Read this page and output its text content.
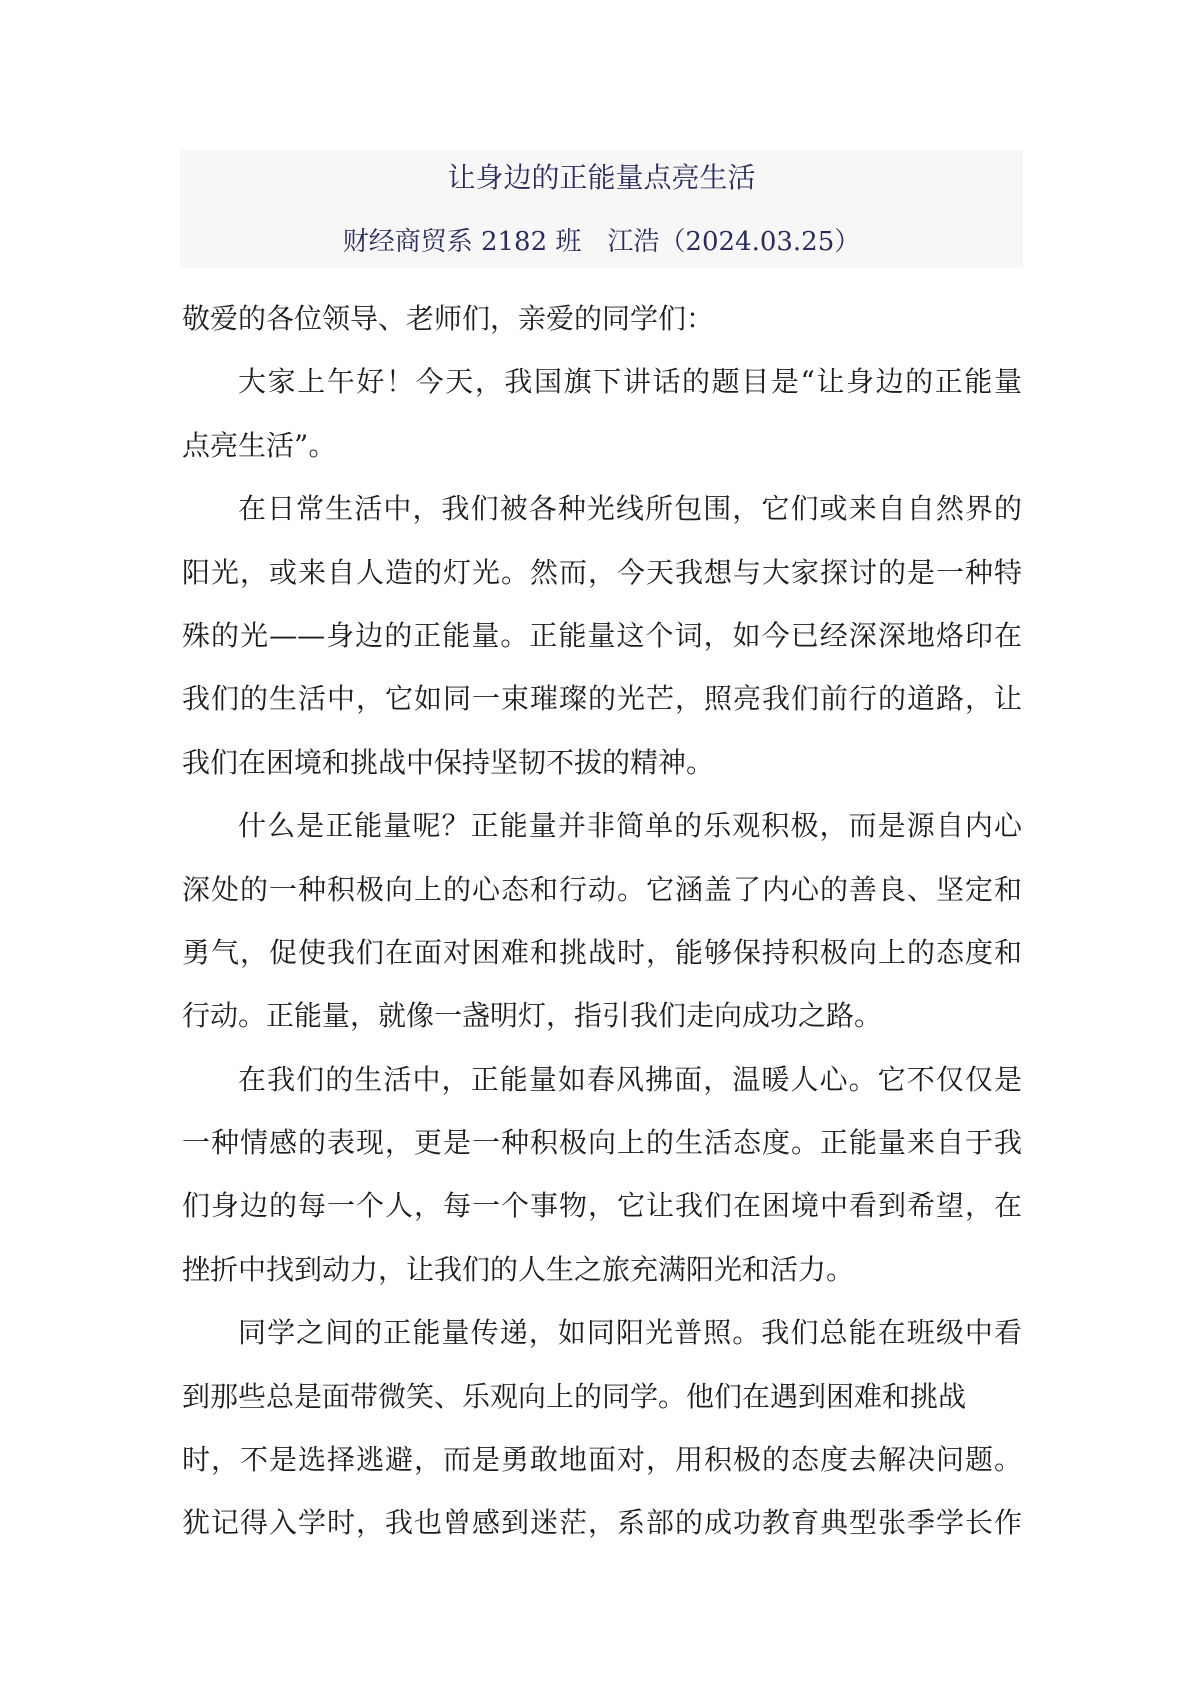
让身边的正能量点亮生活
财经商贸系 2182 班　江浩（2024.03.25）
敬爱的各位领导、老师们，亲爱的同学们：
大家上午好！今天，我国旗下讲话的题目是“让身边的正能量
点亮生活”。
在日常生活中，我们被各种光线所包围，它们或来自自然界的
阳光，或来自人造的灯光。然而，今天我想与大家探讨的是一种特
殊的光——身边的正能量。正能量这个词，如今已经深深地烙印在
我们的生活中，它如同一束璀璨的光芒，照亮我们前行的道路，让
我们在困境和挑战中保持坚韧不拔的精神。
什么是正能量呢？正能量并非简单的乐观积极，而是源自内心
深处的一种积极向上的心态和行动。它涵盖了内心的善良、坚定和
勇气，促使我们在面对困难和挑战时，能够保持积极向上的态度和
行动。正能量，就像一盏明灯，指引我们走向成功之路。
在我们的生活中，正能量如春风拂面，温暖人心。它不仅仅是
一种情感的表现，更是一种积极向上的生活态度。正能量来自于我
们身边的每一个人，每一个事物，它让我们在困境中看到希望，在
挫折中找到动力，让我们的人生之旅充满阳光和活力。
同学之间的正能量传递，如同阳光普照。我们总能在班级中看
到那些总是面带微笑、乐观向上的同学。他们在遇到困难和挑战
时，不是选择逃避，而是勇敢地面对，用积极的态度去解决问题。
犹记得入学时，我也曾感到迷茫，系部的成功教育典型张季学长作
